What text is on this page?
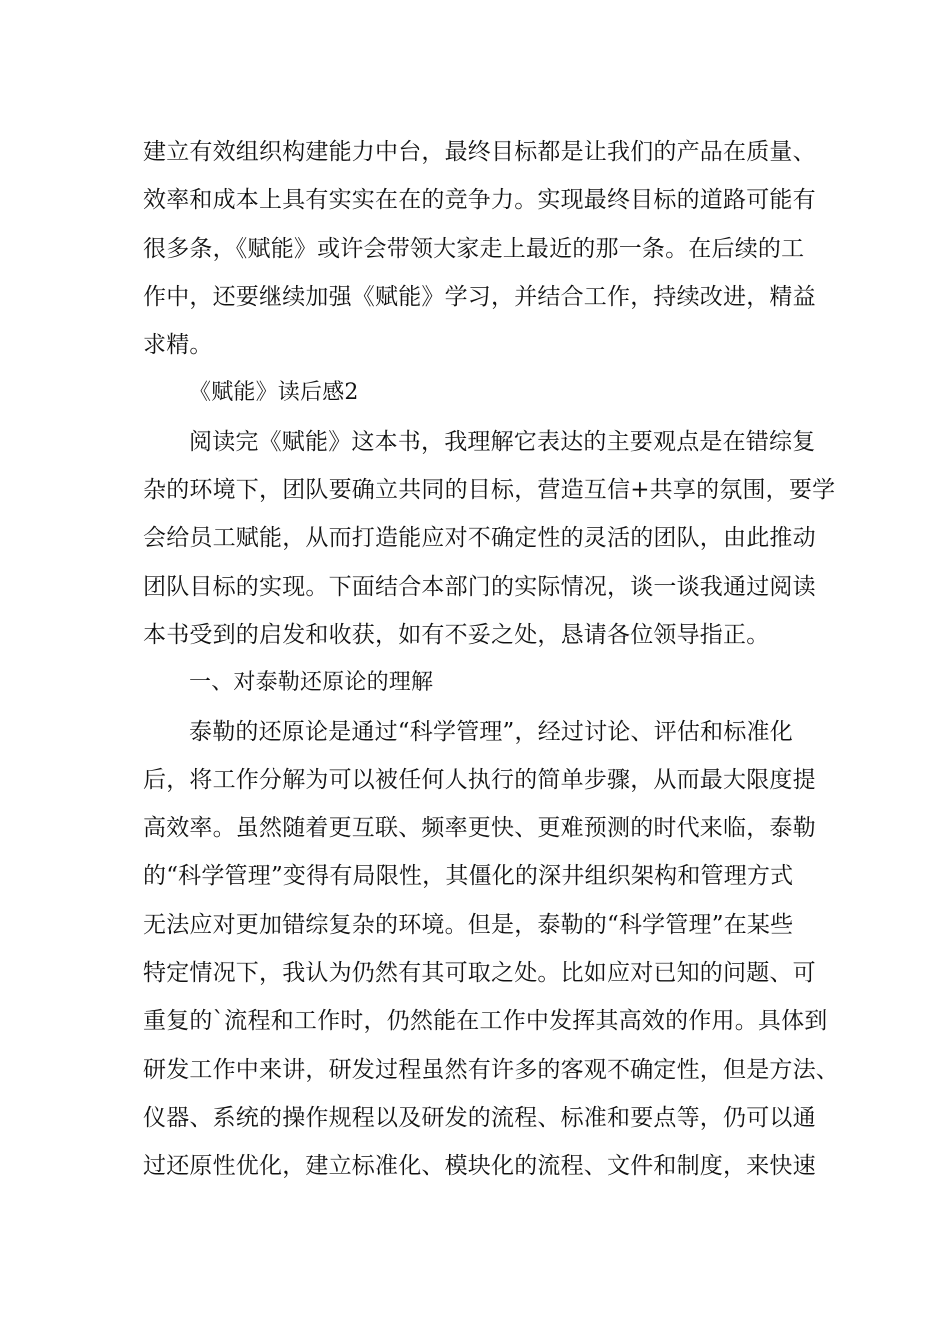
建立有效组织构建能力中台，最终目标都是让我们的产品在质量、

效率和成本上具有实实在在的竞争力。实现最终目标的道路可能有

很多条，《赋能》或许会带领大家走上最近的那一条。在后续的工

作中，还要继续加强《赋能》学习，并结合工作，持续改进，精益

求精。

《赋能》读后感2

阅读完《赋能》这本书，我理解它表达的主要观点是在错综复

杂的环境下，团队要确立共同的目标，营造互信+共享的氛围，要学

会给员工赋能，从而打造能应对不确定性的灵活的团队，由此推动

团队目标的实现。下面结合本部门的实际情况，谈一谈我通过阅读

本书受到的启发和收获，如有不妥之处，恳请各位领导指正。

一、对泰勒还原论的理解

泰勒的还原论是通过“科学管理”，经过讨论、评估和标准化

后，将工作分解为可以被任何人执行的简单步骤，从而最大限度提

高效率。虽然随着更互联、频率更快、更难预测的时代来临，泰勒

的“科学管理”变得有局限性，其僵化的深井组织架构和管理方式

无法应对更加错综复杂的环境。但是，泰勒的“科学管理”在某些

特定情况下，我认为仍然有其可取之处。比如应对已知的问题、可

重复的`流程和工作时，仍然能在工作中发挥其高效的作用。具体到

研发工作中来讲，研发过程虽然有许多的客观不确定性，但是方法、

仪器、系统的操作规程以及研发的流程、标准和要点等，仍可以通

过还原性优化，建立标准化、模块化的流程、文件和制度，来快速
